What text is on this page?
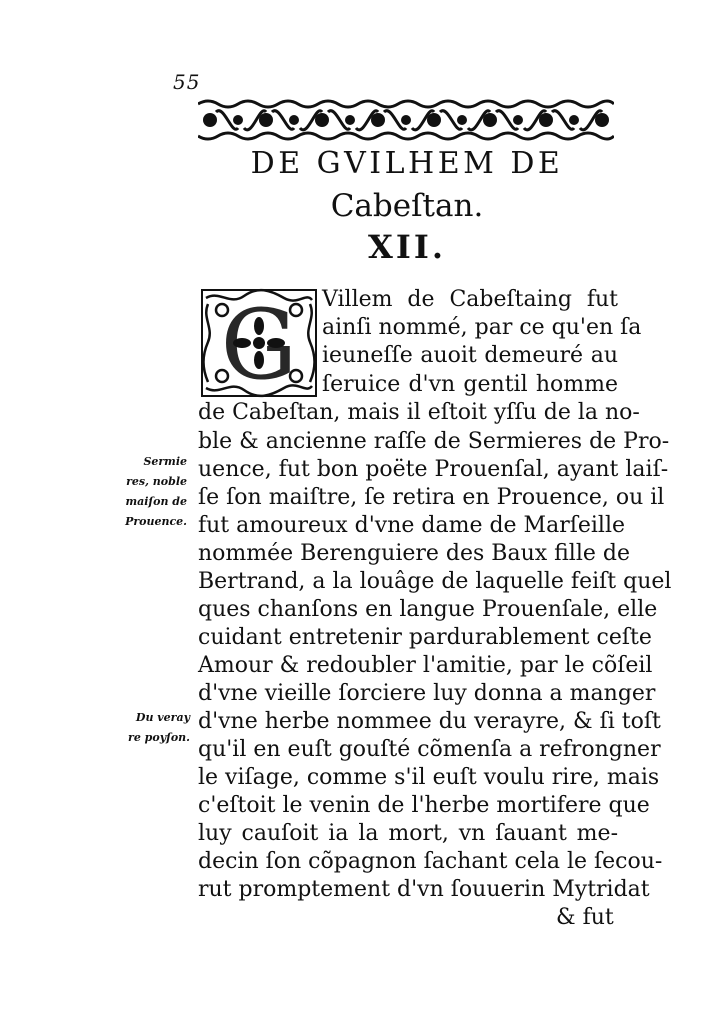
55
DE GVILHEM DE
Cabeſtan.
XII.
G Villem de Cabeſtaing fut
ainſi nommé, par ce qu'en ſa
ieuneſſe auoit demeuré au
ſeruice d'vn gentil homme
de Cabeſtan, mais il eſtoit yſſu de la no-
ble & ancienne raſſe de Sermieres de Pro-
uence, fut bon poëte Prouenſal, ayant laiſ-
ſe ſon maiſtre, ſe retira en Prouence, ou il
fut amoureux d'vne dame de Marſeille
nommée Berenguiere des Baux fille de
Bertrand, a la louâge de laquelle feiſt quel
ques chanſons en langue Prouenſale, elle
cuidant entretenir pardurablement ceſte
Amour & redoubler l'amitie, par le cõſeil
d'vne vieille ſorciere luy donna a manger
d'vne herbe nommee du verayre, & ſi toſt
qu'il en euſt gouſté cõmenſa a refrongner
le viſage, comme s'il euſt voulu rire, mais
c'eſtoit le venin de l'herbe mortifere que
luy cauſoit ia la mort, vn ſauant me-
decin ſon cõpagnon ſachant cela le ſecou-
rut promptement d'vn ſouuerin Mytridat
& fut
Sermie
res, noble
maiſon de
Prouence.
Du veray
re poyſon.
